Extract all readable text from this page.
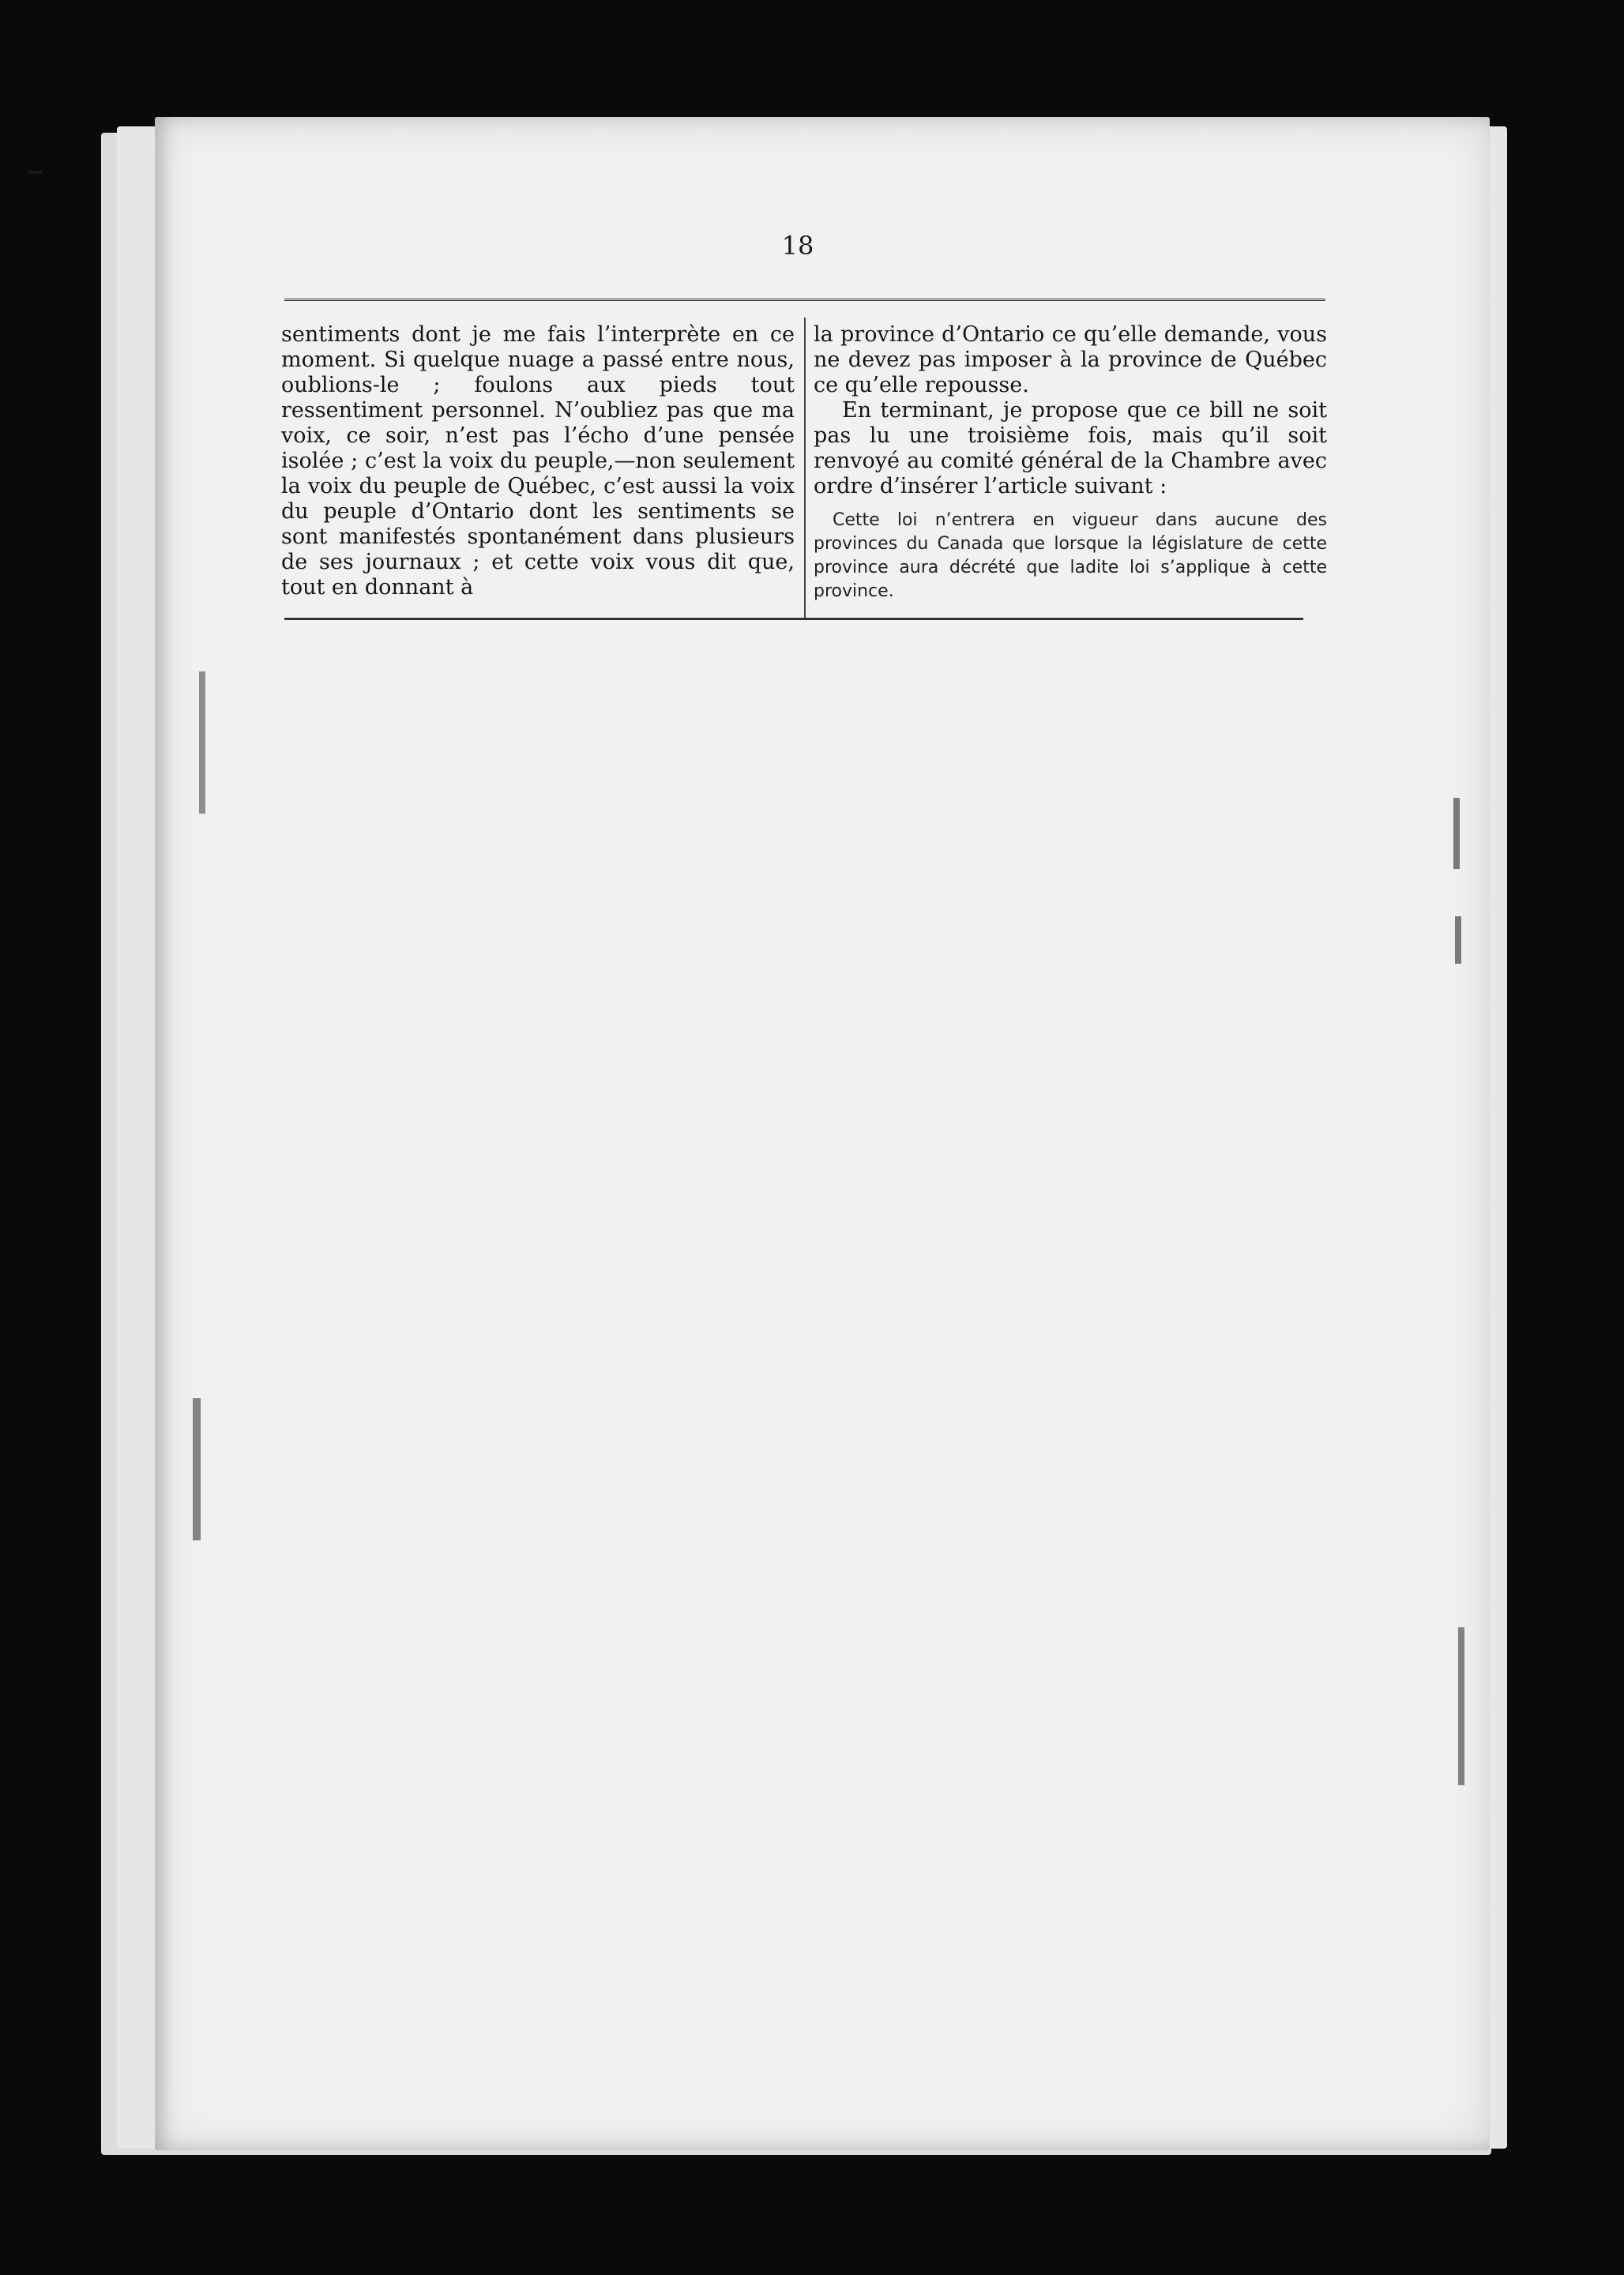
18

sentiments dont je me fais l’interprète en ce moment. Si quelque nuage a passé entre nous, oublions-le ; foulons aux pieds tout ressentiment personnel. N’oubliez pas que ma voix, ce soir, n’est pas l’écho d’une pensée isolée ; c’est la voix du peuple,—non seulement la voix du peuple de Québec, c’est aussi la voix du peuple d’Ontario dont les sentiments se sont manifestés spontanément dans plusieurs de ses journaux ; et cette voix vous dit que, tout en donnant à

la province d’Ontario ce qu’elle demande, vous ne devez pas imposer à la province de Québec ce qu’elle repousse.

En terminant, je propose que ce bill ne soit pas lu une troisième fois, mais qu’il soit renvoyé au comité général de la Chambre avec ordre d’insérer l’article suivant :

Cette loi n’entrera en vigueur dans aucune des provinces du Canada que lorsque la législature de cette province aura décrété que ladite loi s’applique à cette province.
